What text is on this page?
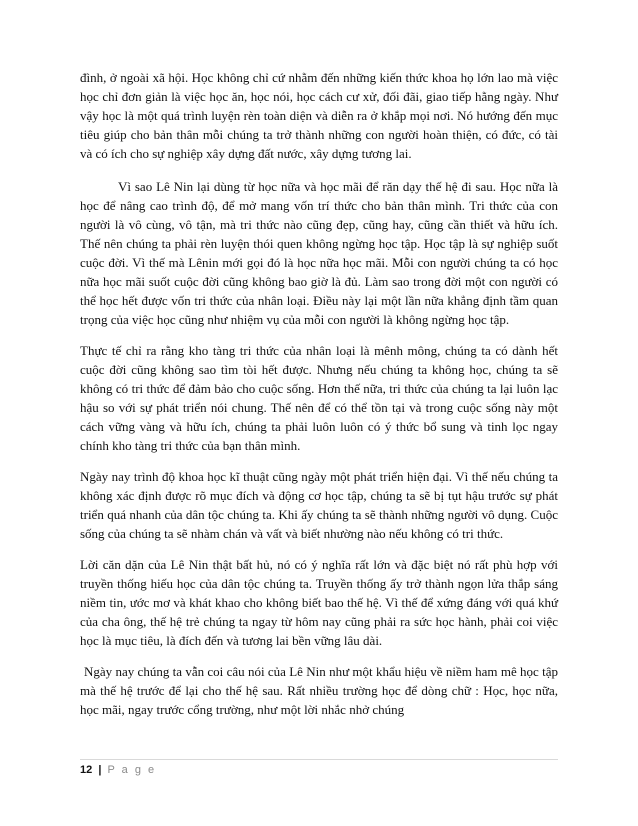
đình, ở ngoài xã hội. Học không chỉ cứ nhằm đến những kiến thức khoa họ lớn lao mà việc học chỉ đơn giản là việc học ăn, học nói, học cách cư xử, đối đãi, giao tiếp hằng ngày. Như vậy học là một quá trình luyện rèn toàn diện và diễn ra ở khắp mọi nơi. Nó hướng đến mục tiêu giúp cho bản thân mỗi chúng ta trở thành những con người hoàn thiện, có đức, có tài và có ích cho sự nghiệp xây dựng đất nước, xây dựng tương lai.

Vì sao Lê Nin lại dùng từ học nữa và học mãi để răn dạy thế hệ đi sau. Học nữa là học để nâng cao trình độ, để mở mang vốn trí thức cho bản thân mình. Tri thức của con người là vô cùng, vô tận, mà tri thức nào cũng đẹp, cũng hay, cũng cần thiết và hữu ích. Thế nên chúng ta phải rèn luyện thói quen không ngừng học tập. Học tập là sự nghiệp suốt cuộc đời. Vì thế mà Lênin mới gọi đó là học nữa học mãi. Mỗi con người chúng ta có học nữa học mãi suốt cuộc đời cũng không bao giờ là đủ. Làm sao trong đời một con người có thể học hết được vốn tri thức của nhân loại. Điều này lại một lần nữa khẳng định tầm quan trọng của việc học cũng như nhiệm vụ của mỗi con người là không ngừng học tập.

Thực tế chỉ ra rằng kho tàng tri thức của nhân loại là mênh mông, chúng ta có dành hết cuộc đời cũng không sao tìm tòi hết được. Nhưng nếu chúng ta không học, chúng ta sẽ không có tri thức để đảm bảo cho cuộc sống. Hơn thế nữa, tri thức của chúng ta lại luôn lạc hậu so với sự phát triển nói chung. Thế nên để có thể tồn tại và trong cuộc sống này một cách vững vàng và hữu ích, chúng ta phải luôn luôn có ý thức bổ sung và tinh lọc ngay chính kho tàng tri thức của bạn thân mình.

Ngày nay trình độ khoa học kĩ thuật cũng ngày một phát triển hiện đại. Vì thế nếu chúng ta không xác định được rõ mục đích và động cơ học tập, chúng ta sẽ bị tụt hậu trước sự phát triển quá nhanh của dân tộc chúng ta. Khi ấy chúng ta sẽ thành những người vô dụng. Cuộc sống của chúng ta sẽ nhàm chán và vất và biết nhường nào nếu không có tri thức.

Lời căn dặn của Lê Nin thật bất hủ, nó có ý nghĩa rất lớn và đặc biệt nó rất phù hợp với truyền thống hiếu học của dân tộc chúng ta. Truyền thống ấy trở thành ngọn lửa thắp sáng niềm tin, ước mơ và khát khao cho không biết bao thế hệ. Vì thế để xứng đáng với quá khứ của cha ông, thế hệ trẻ chúng ta ngay từ hôm nay cũng phải ra sức học hành, phải coi việc học là mục tiêu, là đích đến và tương lai bền vững lâu dài.

Ngày nay chúng ta vẫn coi câu nói của Lê Nin như một khẩu hiệu về niềm ham mê học tập mà thế hệ trước để lại cho thế hệ sau. Rất nhiều trường học để dòng chữ : Học, học nữa, học mãi, ngay trước cổng trường, như một lời nhắc nhở chúng

12 | P a g e
